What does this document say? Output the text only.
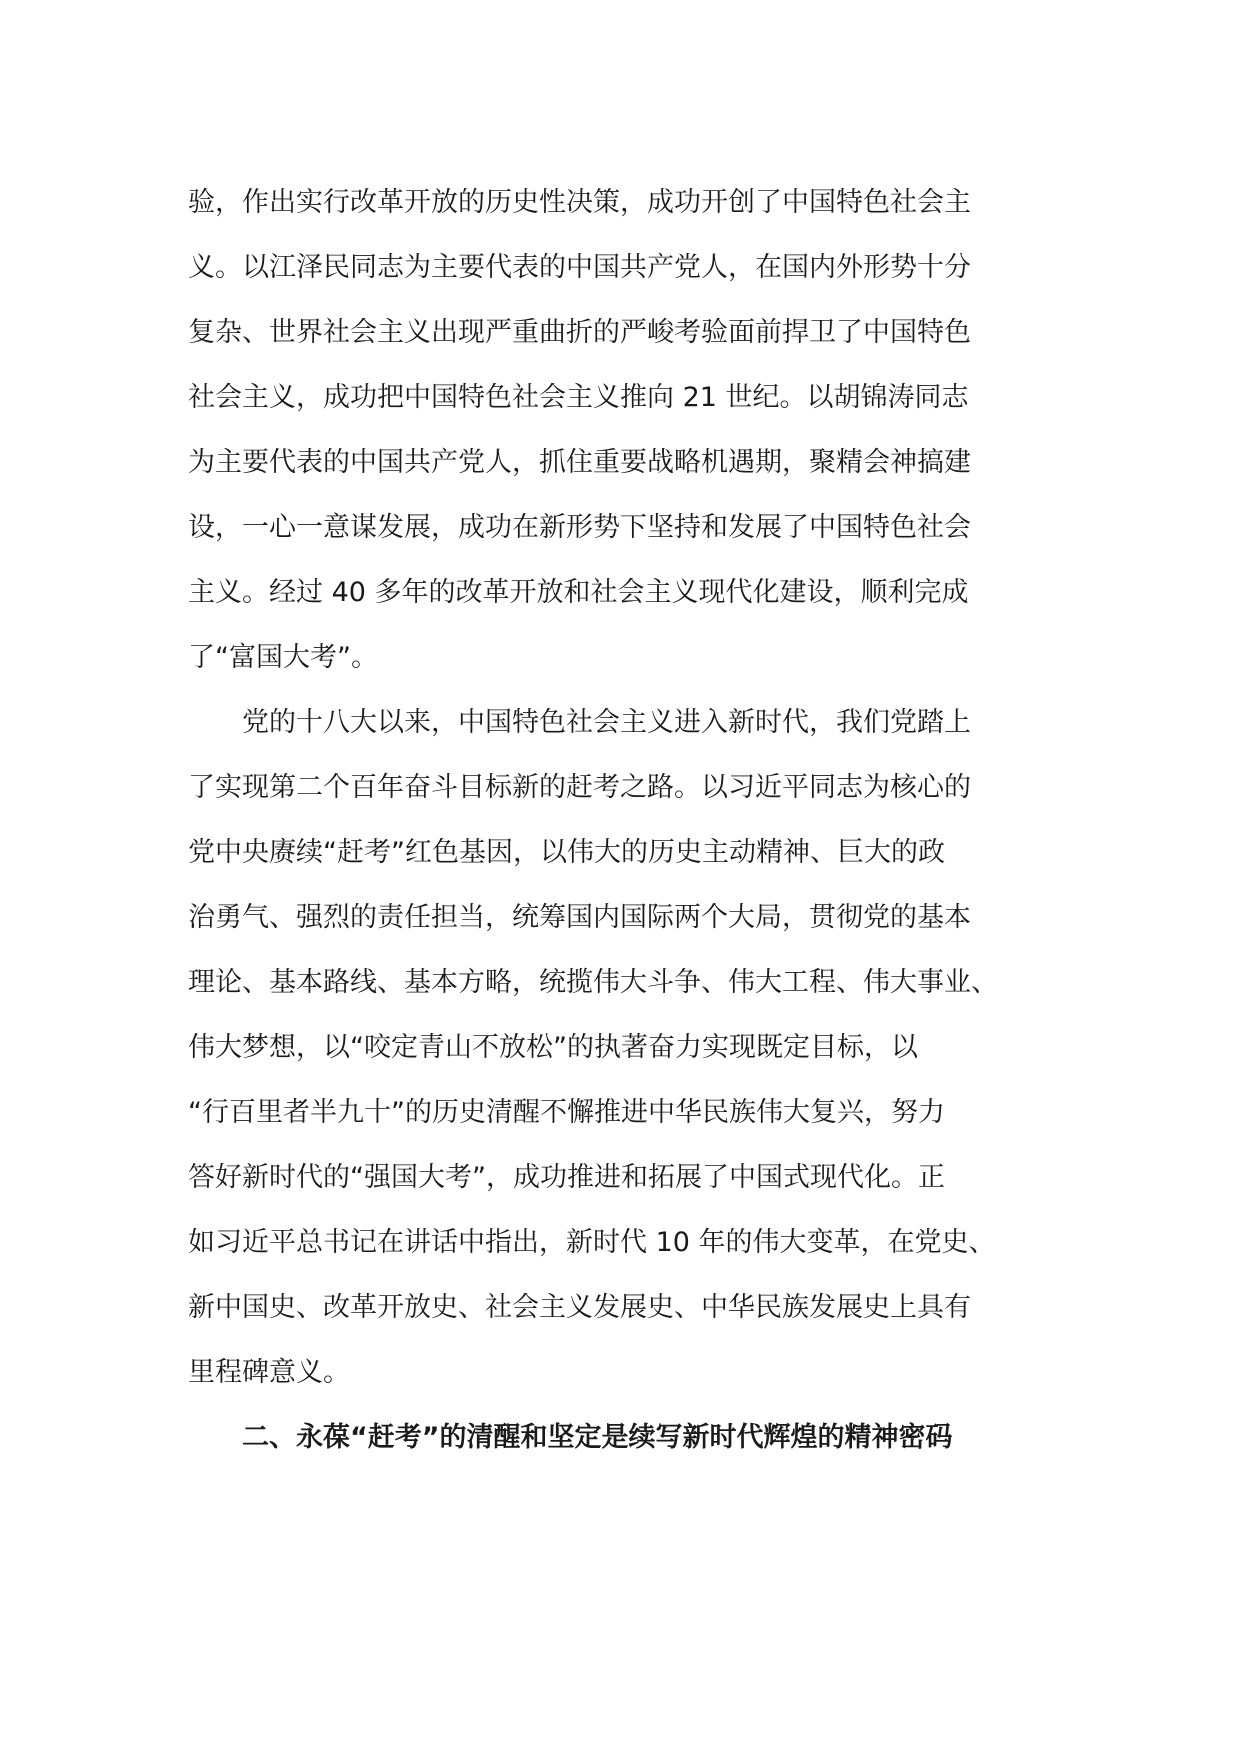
验，作出实行改革开放的历史性决策，成功开创了中国特色社会主
义。以江泽民同志为主要代表的中国共产党人，在国内外形势十分
复杂、世界社会主义出现严重曲折的严峻考验面前捍卫了中国特色
社会主义，成功把中国特色社会主义推向 21 世纪。以胡锦涛同志
为主要代表的中国共产党人，抓住重要战略机遇期，聚精会神搞建
设，一心一意谋发展，成功在新形势下坚持和发展了中国特色社会
主义。经过 40 多年的改革开放和社会主义现代化建设，顺利完成
了“富国大考”。
　　党的十八大以来，中国特色社会主义进入新时代，我们党踏上
了实现第二个百年奋斗目标新的赶考之路。以习近平同志为核心的
党中央赓续“赶考”红色基因，以伟大的历史主动精神、巨大的政
治勇气、强烈的责任担当，统筹国内国际两个大局，贯彻党的基本
理论、基本路线、基本方略，统揽伟大斗争、伟大工程、伟大事业、
伟大梦想，以“咬定青山不放松”的执著奋力实现既定目标，以
“行百里者半九十”的历史清醒不懈推进中华民族伟大复兴，努力
答好新时代的“强国大考”，成功推进和拓展了中国式现代化。正
如习近平总书记在讲话中指出，新时代 10 年的伟大变革，在党史、
新中国史、改革开放史、社会主义发展史、中华民族发展史上具有
里程碑意义。
　　二、永葆“赶考”的清醒和坚定是续写新时代辉煌的精神密码
